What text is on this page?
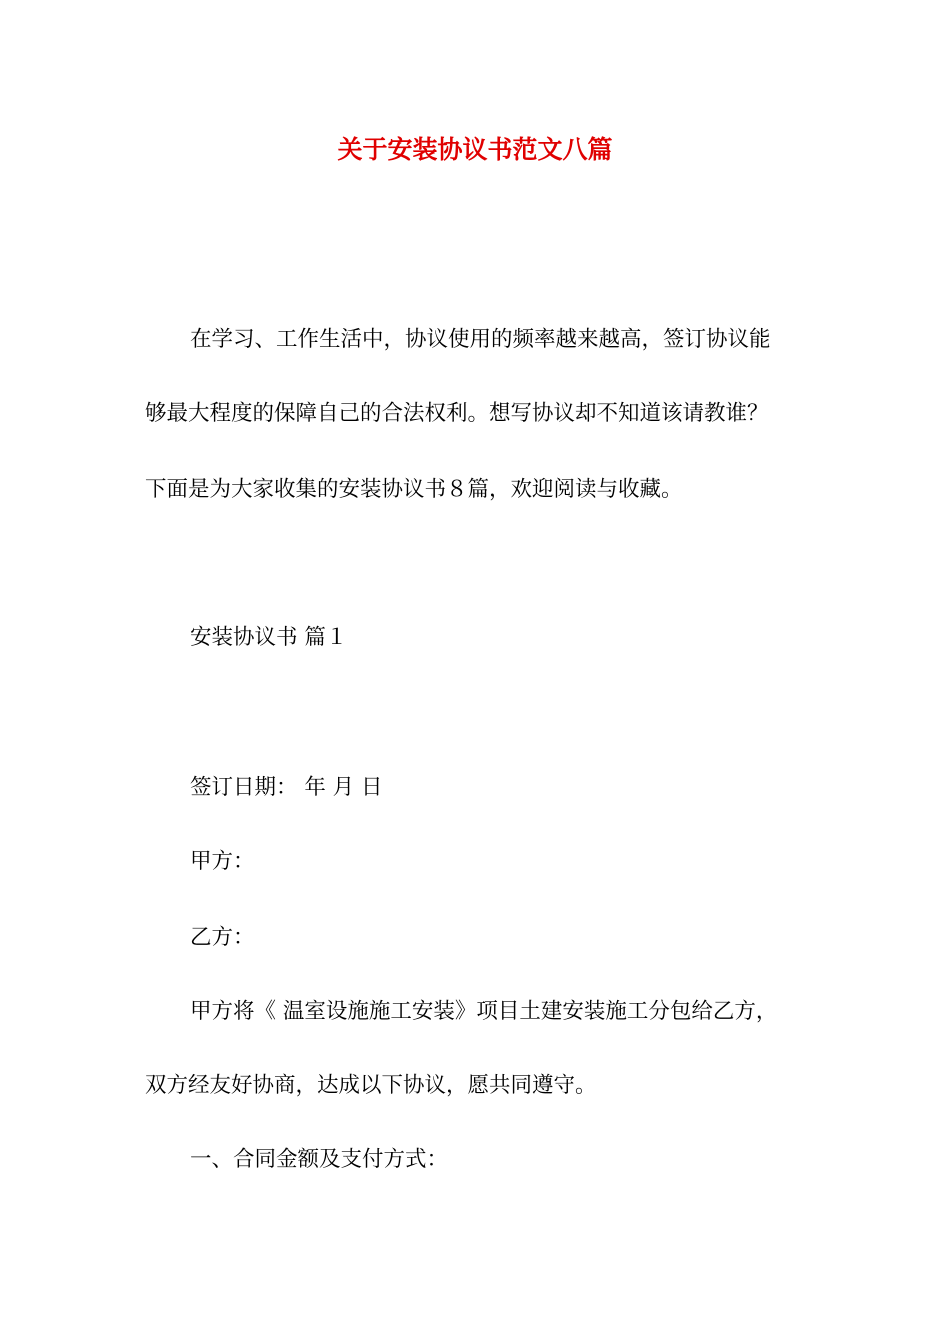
关于安装协议书范文八篇
在学习、工作生活中，协议使用的频率越来越高，签订协议能
够最大程度的保障自己的合法权利。想写协议却不知道该请教谁？
下面是为大家收集的安装协议书８篇，欢迎阅读与收藏。
安装协议书 篇１
签订日期： 年 月 日
甲方：
乙方：
甲方将《 温室设施施工安装》项目土建安装施工分包给乙方，
双方经友好协商，达成以下协议，愿共同遵守。
一、合同金额及支付方式：
